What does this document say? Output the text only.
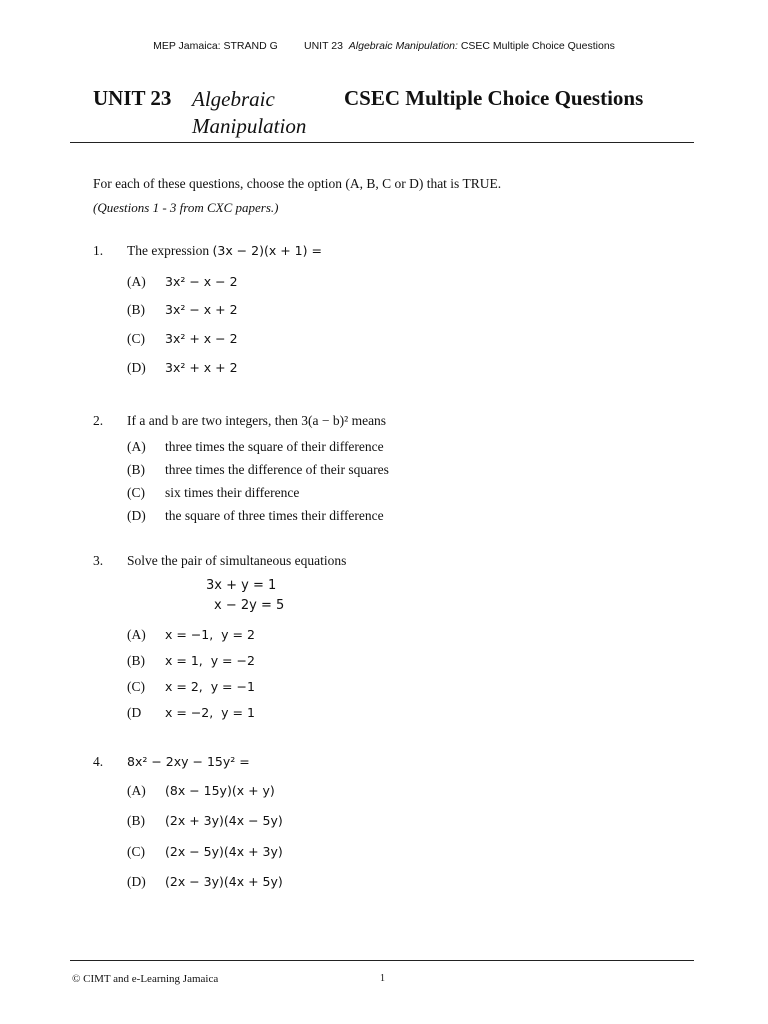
MEP Jamaica: STRAND G	UNIT 23 Algebraic Manipulation: CSEC Multiple Choice Questions
UNIT 23 Algebraic
Manipulation
CSEC Multiple Choice Questions
For each of these questions, choose the option (A, B, C or D) that is TRUE.
(Questions 1 - 3 from CXC papers.)
1. The expression (3x − 2)(x + 1) =
(A) 3x² − x − 2
(B) 3x² − x + 2
(C) 3x² + x − 2
(D) 3x² + x + 2
2. If a and b are two integers, then 3(a − b)² means
(A) three times the square of their difference
(B) three times the difference of their squares
(C) six times their difference
(D) the square of three times their difference
3. Solve the pair of simultaneous equations
3x + y = 1
x − 2y = 5
(A) x = −1,  y = 2
(B) x = 1,  y = −2
(C) x = 2,  y = −1
(D x = −2,  y = 1
4. 8x² − 2xy − 15y² =
(A) (8x − 15y)(x + y)
(B) (2x + 3y)(4x − 5y)
(C) (2x − 5y)(4x + 3y)
(D) (2x − 3y)(4x + 5y)
© CIMT and e-Learning Jamaica	1
